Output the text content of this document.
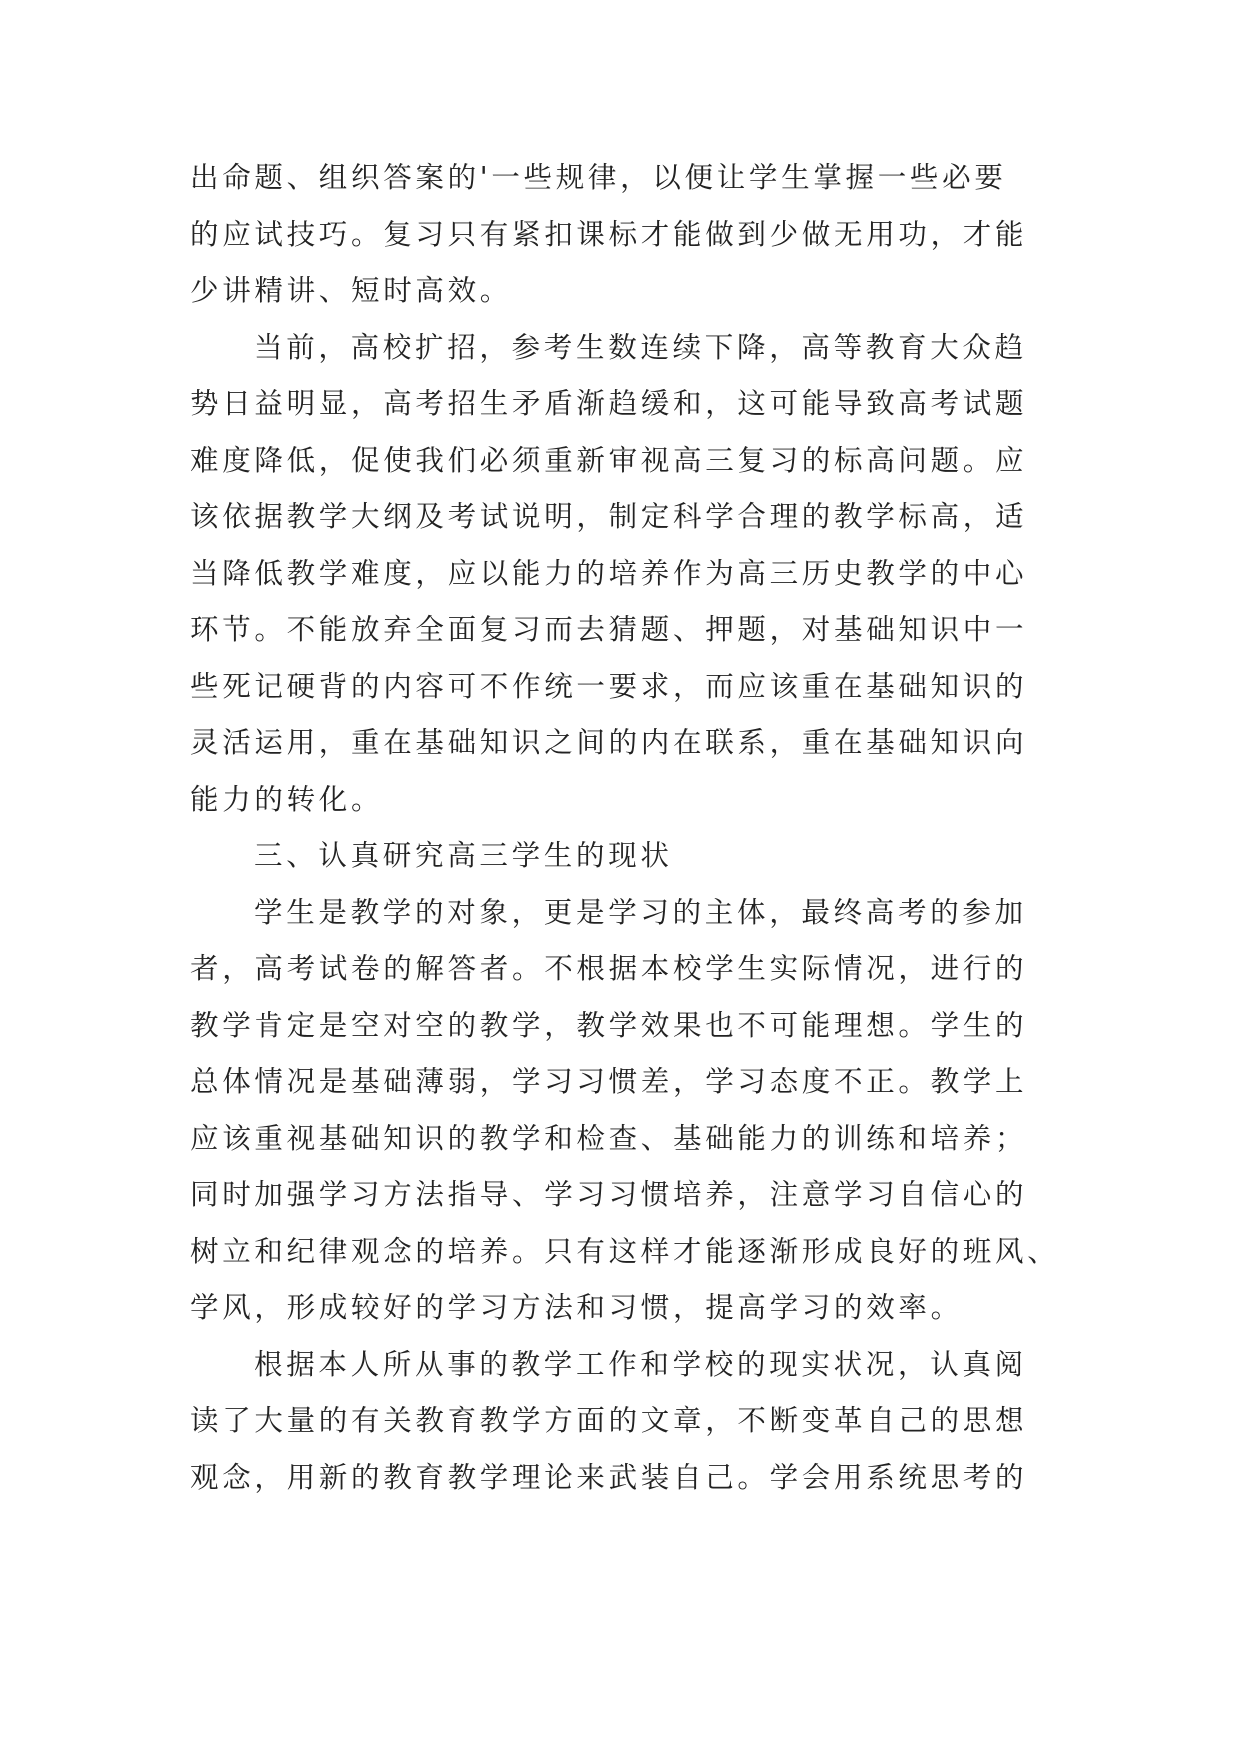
出命题、组织答案的'一些规律，以便让学生掌握一些必要
的应试技巧。复习只有紧扣课标才能做到少做无用功，才能
少讲精讲、短时高效。
当前，高校扩招，参考生数连续下降，高等教育大众趋
势日益明显，高考招生矛盾渐趋缓和，这可能导致高考试题
难度降低，促使我们必须重新审视高三复习的标高问题。应
该依据教学大纲及考试说明，制定科学合理的教学标高，适
当降低教学难度，应以能力的培养作为高三历史教学的中心
环节。不能放弃全面复习而去猜题、押题，对基础知识中一
些死记硬背的内容可不作统一要求，而应该重在基础知识的
灵活运用，重在基础知识之间的内在联系，重在基础知识向
能力的转化。
三、认真研究高三学生的现状
学生是教学的对象，更是学习的主体，最终高考的参加
者，高考试卷的解答者。不根据本校学生实际情况，进行的
教学肯定是空对空的教学，教学效果也不可能理想。学生的
总体情况是基础薄弱，学习习惯差，学习态度不正。教学上
应该重视基础知识的教学和检查、基础能力的训练和培养；
同时加强学习方法指导、学习习惯培养，注意学习自信心的
树立和纪律观念的培养。只有这样才能逐渐形成良好的班风、
学风，形成较好的学习方法和习惯，提高学习的效率。
根据本人所从事的教学工作和学校的现实状况，认真阅
读了大量的有关教育教学方面的文章，不断变革自己的思想
观念，用新的教育教学理论来武装自己。学会用系统思考的
